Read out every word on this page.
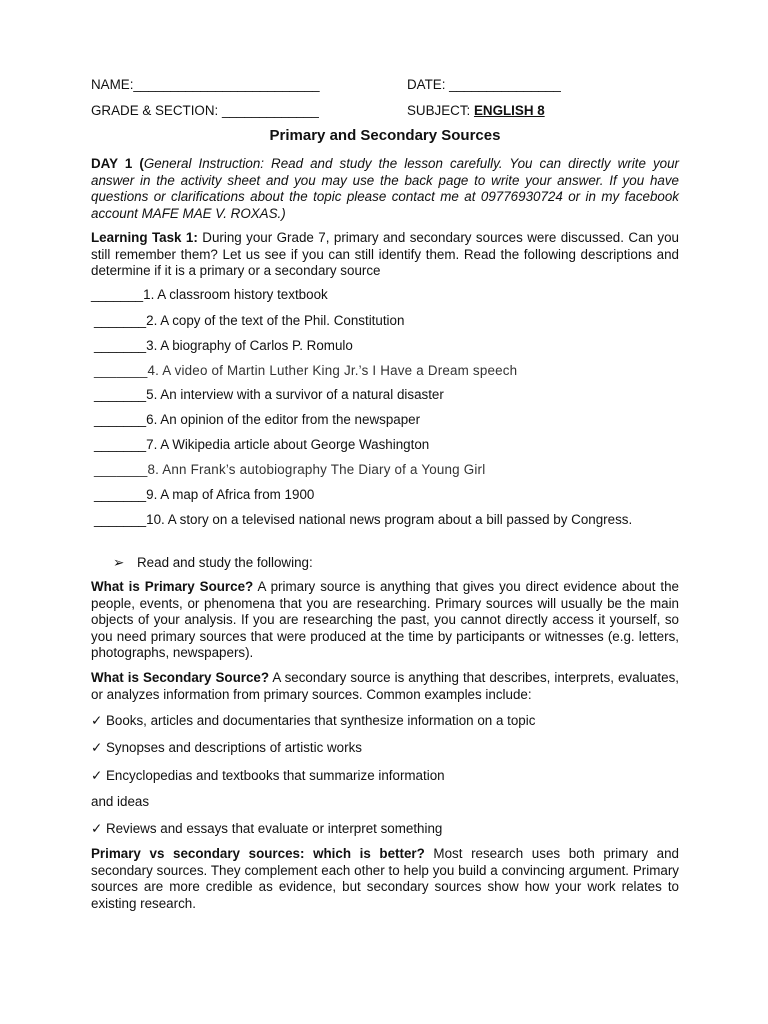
NAME:_________________________	DATE: _______________
GRADE & SECTION: _____________	SUBJECT: ENGLISH 8
Primary and Secondary Sources
DAY 1 (General Instruction: Read and study the lesson carefully. You can directly write your answer in the activity sheet and you may use the back page to write your answer. If you have questions or clarifications about the topic please contact me at 09776930724 or in my facebook account MAFE MAE V. ROXAS.)
Learning Task 1: During your Grade 7, primary and secondary sources were discussed. Can you still remember them? Let us see if you can still identify them. Read the following descriptions and determine if it is a primary or a secondary source
_______1. A classroom history textbook
_______2. A copy of the text of the Phil. Constitution
_______3. A biography of Carlos P. Romulo
_______4. A video of Martin Luther King Jr.’s I Have a Dream speech
_______5. An interview with a survivor of a natural disaster
_______6. An opinion of the editor from the newspaper
_______7. A Wikipedia article about George Washington
_______8. Ann Frank’s autobiography The Diary of a Young Girl
_______9. A map of Africa from 1900
_______10. A story on a televised national news program about a bill passed by Congress.
➢ Read and study the following:
What is Primary Source? A primary source is anything that gives you direct evidence about the people, events, or phenomena that you are researching. Primary sources will usually be the main objects of your analysis. If you are researching the past, you cannot directly access it yourself, so you need primary sources that were produced at the time by participants or witnesses (e.g. letters, photographs, newspapers).
What is Secondary Source? A secondary source is anything that describes, interprets, evaluates, or analyzes information from primary sources. Common examples include:
✓ Books, articles and documentaries that synthesize information on a topic
✓ Synopses and descriptions of artistic works
✓ Encyclopedias and textbooks that summarize information
and ideas
✓ Reviews and essays that evaluate or interpret something
Primary vs secondary sources: which is better? Most research uses both primary and secondary sources. They complement each other to help you build a convincing argument. Primary sources are more credible as evidence, but secondary sources show how your work relates to existing research.
